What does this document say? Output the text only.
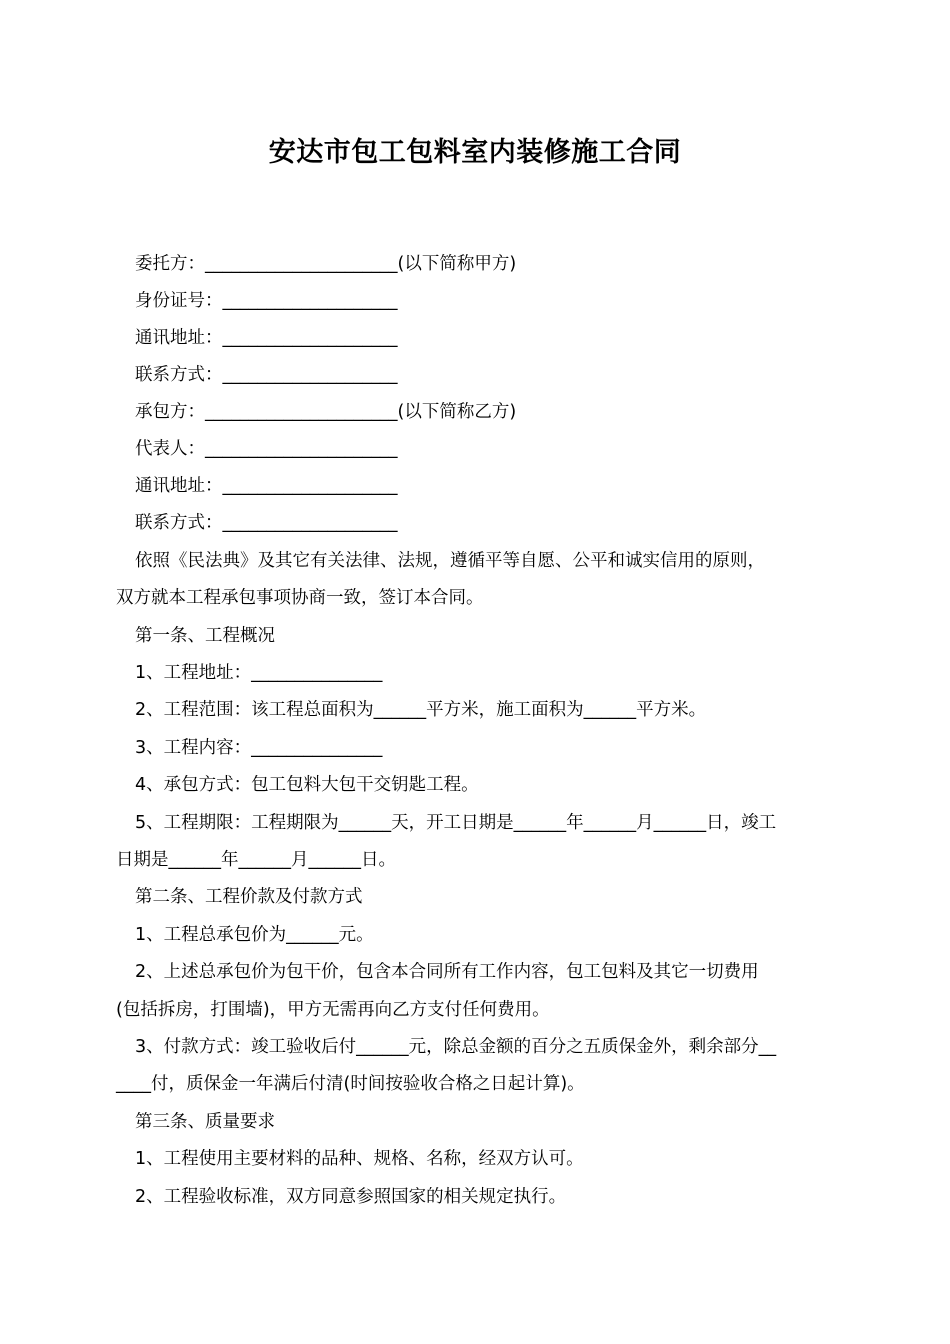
安达市包工包料室内装修施工合同
委托方：______________________(以下简称甲方)
身份证号：____________________
通讯地址：____________________
联系方式：____________________
承包方：______________________(以下简称乙方)
代表人：______________________
通讯地址：____________________
联系方式：____________________
依照《民法典》及其它有关法律、法规，遵循平等自愿、公平和诚实信用的原则，
双方就本工程承包事项协商一致，签订本合同。
第一条、工程概况
1、工程地址：_______________
2、工程范围：该工程总面积为______平方米，施工面积为______平方米。
3、工程内容：_______________
4、承包方式：包工包料大包干交钥匙工程。
5、工程期限：工程期限为______天，开工日期是______年______月______日，竣工
日期是______年______月______日。
第二条、工程价款及付款方式
1、工程总承包价为______元。
2、上述总承包价为包干价，包含本合同所有工作内容，包工包料及其它一切费用
(包括拆房，打围墙)，甲方无需再向乙方支付任何费用。
3、付款方式：竣工验收后付______元，除总金额的百分之五质保金外，剩余部分__
____付，质保金一年满后付清(时间按验收合格之日起计算)。
第三条、质量要求
1、工程使用主要材料的品种、规格、名称，经双方认可。
2、工程验收标准，双方同意参照国家的相关规定执行。
